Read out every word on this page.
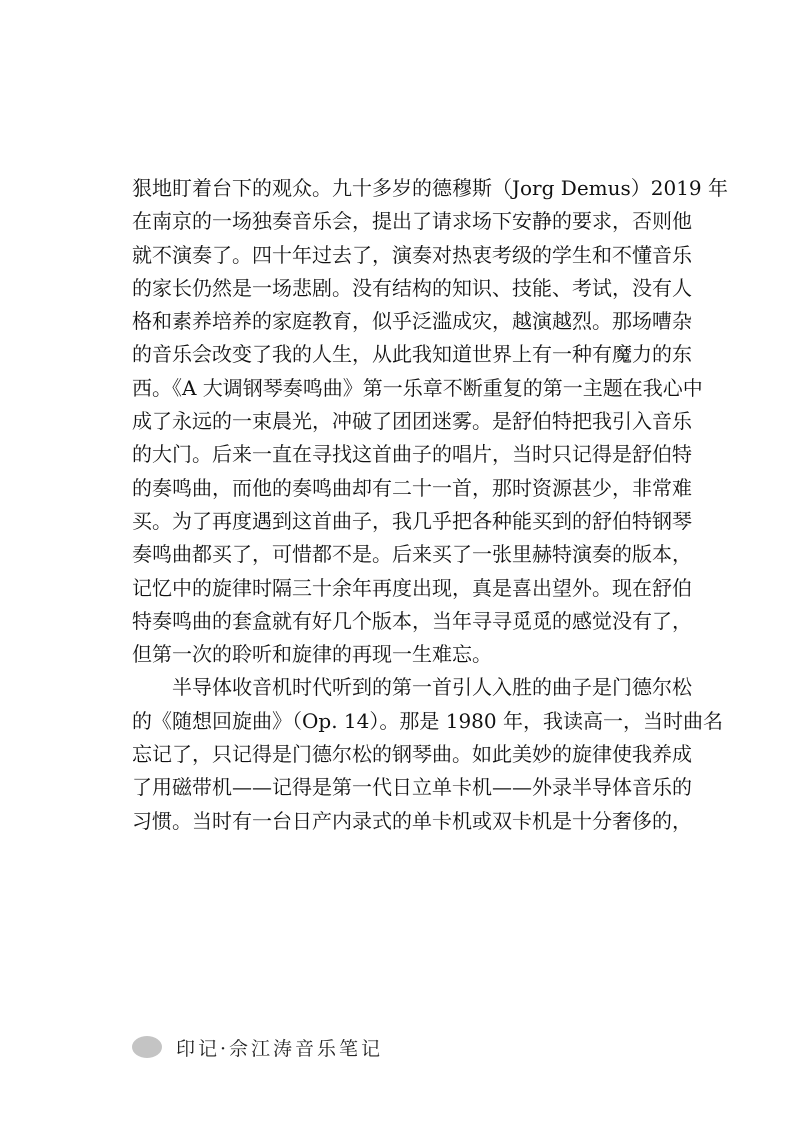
狠地盯着台下的观众。九十多岁的德穆斯（Jorg Demus）2019 年
在南京的一场独奏音乐会，提出了请求场下安静的要求，否则他
就不演奏了。四十年过去了，演奏对热衷考级的学生和不懂音乐
的家长仍然是一场悲剧。没有结构的知识、技能、考试，没有人
格和素养培养的家庭教育，似乎泛滥成灾，越演越烈。那场嘈杂
的音乐会改变了我的人生，从此我知道世界上有一种有魔力的东
西。《A 大调钢琴奏鸣曲》第一乐章不断重复的第一主题在我心中
成了永远的一束晨光，冲破了团团迷雾。是舒伯特把我引入音乐
的大门。后来一直在寻找这首曲子的唱片，当时只记得是舒伯特
的奏鸣曲，而他的奏鸣曲却有二十一首，那时资源甚少，非常难
买。为了再度遇到这首曲子，我几乎把各种能买到的舒伯特钢琴
奏鸣曲都买了，可惜都不是。后来买了一张里赫特演奏的版本，
记忆中的旋律时隔三十余年再度出现，真是喜出望外。现在舒伯
特奏鸣曲的套盒就有好几个版本，当年寻寻觅觅的感觉没有了，
但第一次的聆听和旋律的再现一生难忘。
半导体收音机时代听到的第一首引人入胜的曲子是门德尔松
的《随想回旋曲》（Op. 14）。那是 1980 年，我读高一，当时曲名
忘记了，只记得是门德尔松的钢琴曲。如此美妙的旋律使我养成
了用磁带机——记得是第一代日立单卡机——外录半导体音乐的
习惯。当时有一台日产内录式的单卡机或双卡机是十分奢侈的，
印记·佘江涛音乐笔记
